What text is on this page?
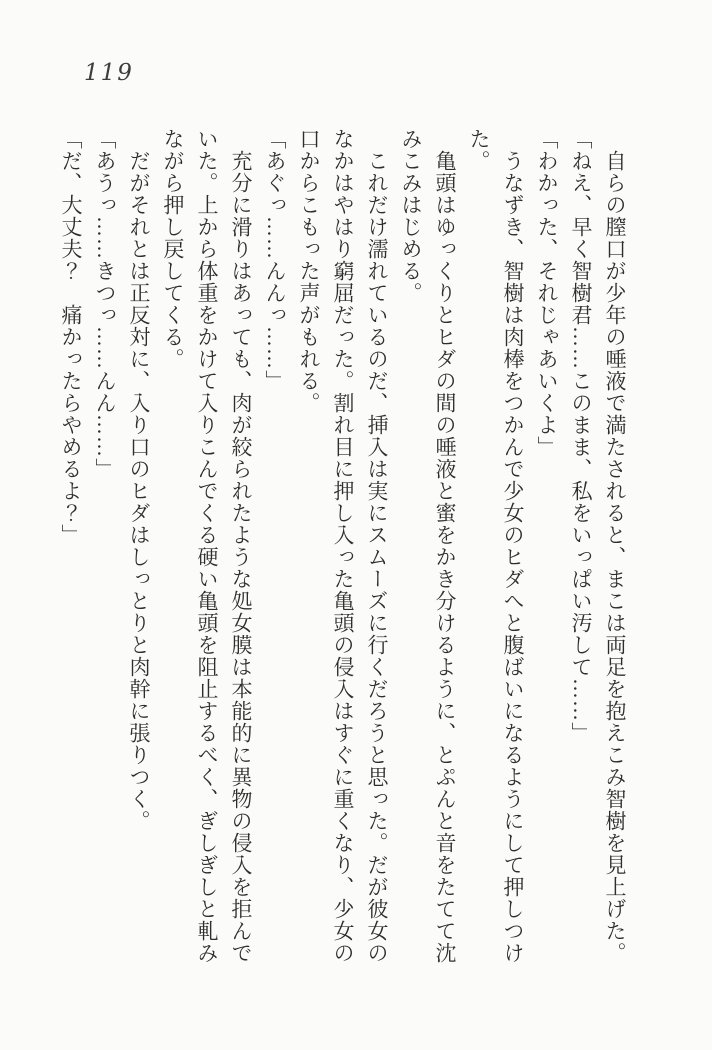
119
自らの膣口が少年の唾液で満たされると、まこは両足を抱えこみ智樹を見上げた。
「ねえ、早く智樹君……このまま、私をいっぱい汚して……」
「わかった、それじゃあいくよ」
うなずき、智樹は肉棒をつかんで少女のヒダへと腹ばいになるようにして押しつけ
た。
亀頭はゆっくりとヒダの間の唾液と蜜をかき分けるように、とぷんと音をたてて沈
みこみはじめる。
これだけ濡れているのだ、挿入は実にスムーズに行くだろうと思った。だが彼女の
なかはやはり窮屈だった。割れ目に押し入った亀頭の侵入はすぐに重くなり、少女の
口からこもった声がもれる。
「あぐっ……んんっ……」
充分に滑りはあっても、肉が絞られたような処女膜は本能的に異物の侵入を拒んで
いた。上から体重をかけて入りこんでくる硬い亀頭を阻止するべく、ぎしぎしと軋み
ながら押し戻してくる。
だがそれとは正反対に、入り口のヒダはしっとりと肉幹に張りつく。
「あうっ……きつっ……んん……」
「だ、大丈夫？　痛かったらやめるよ？」
